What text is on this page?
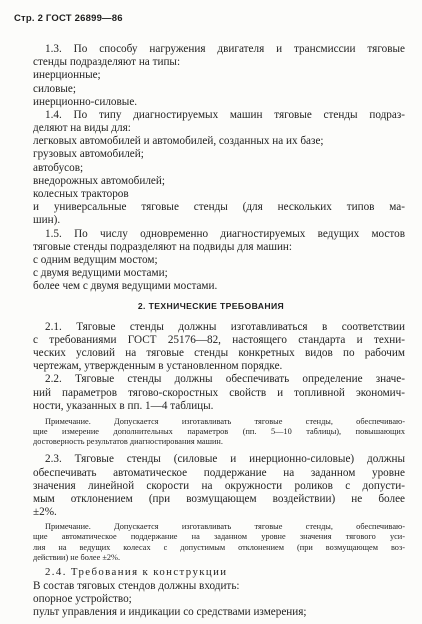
Стр. 2 ГОСТ 26899—86
1.3. По способу нагружения двигателя и трансмиссии тяговые
стенды подразделяют на типы:
инерционные;
силовые;
инерционно-силовые.
1.4. По типу диагностируемых машин тяговые стенды подраз-
деляют на виды для:
легковых автомобилей и автомобилей, созданных на их базе;
грузовых автомобилей;
автобусов;
внедорожных автомобилей;
колесных тракторов
и универсальные тяговые стенды (для нескольких типов ма-
шин).
1.5. По числу одновременно диагностируемых ведущих мостов
тяговые стенды подразделяют на подвиды для машин:
с одним ведущим мостом;
с двумя ведущими мостами;
более чем с двумя ведущими мостами.
2. ТЕХНИЧЕСКИЕ ТРЕБОВАНИЯ
2.1. Тяговые стенды должны изготавливаться в соответствии
с требованиями ГОСТ 25176—82, настоящего стандарта и техни-
ческих условий на тяговые стенды конкретных видов по рабочим
чертежам, утвержденным в установленном порядке.
2.2. Тяговые стенды должны обеспечивать определение значе-
ний параметров тягово-скоростных свойств и топливной экономич-
ности, указанных в пп. 1—4 таблицы.
Примечание. Допускается изготавливать тяговые стенды, обеспечиваю-
щие измерение дополнительных параметров (пп. 5—10 таблицы), повышающих
достоверность результатов диагностирования машин.
2.3. Тяговые стенды (силовые и инерционно-силовые) должны
обеспечивать автоматическое поддержание на заданном уровне
значения линейной скорости на окружности роликов с допусти-
мым отклонением (при возмущающем воздействии) не более
±2%.
Примечание. Допускается изготавливать тяговые стенды, обеспечиваю-
щие автоматическое поддержание на заданном уровне значения тягового уси-
лия на ведущих колесах с допустимым отклонением (при возмущающем воз-
действии) не более ±2%.
2.4. Требования к конструкции
В состав тяговых стендов должны входить:
опорное устройство;
пульт управления и индикации со средствами измерения;
